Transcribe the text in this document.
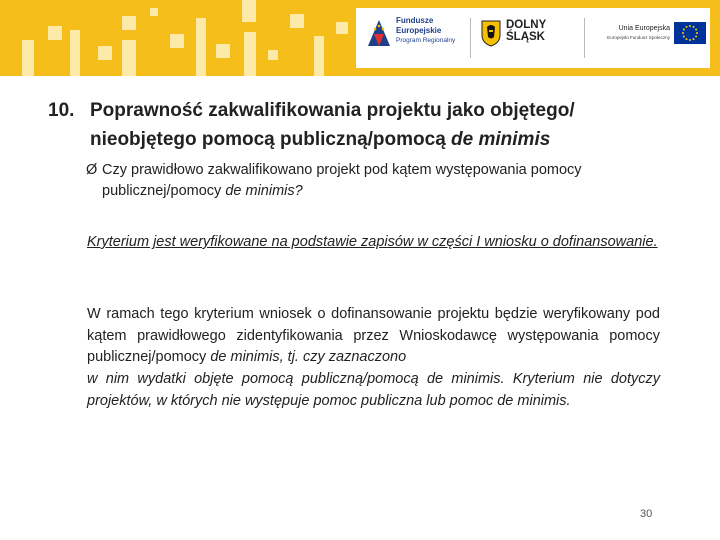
Fundusze
Europejskie
Program Regionalny
DOLNY
ŚLĄSK
Unia Europejska
Europejski Fundusz Społeczny
10. Poprawność zakwalifikowania projektu jako objętego/
nieobjętego pomocą publiczną/pomocą de minimis
Ø Czy prawidłowo zakwalifikowano projekt pod kątem występowania pomocy publicznej/pomocy de minimis?
Kryterium jest weryfikowane na podstawie zapisów w części I wniosku o dofinansowanie.
W ramach tego kryterium wniosek o dofinansowanie projektu będzie weryfikowany pod kątem prawidłowego zidentyfikowania przez Wnioskodawcę występowania pomocy publicznej/pomocy de minimis, tj. czy zaznaczono
w nim wydatki objęte pomocą publiczną/pomocą de minimis. Kryterium nie dotyczy projektów, w których nie występuje pomoc publiczna lub pomoc de minimis.
30
